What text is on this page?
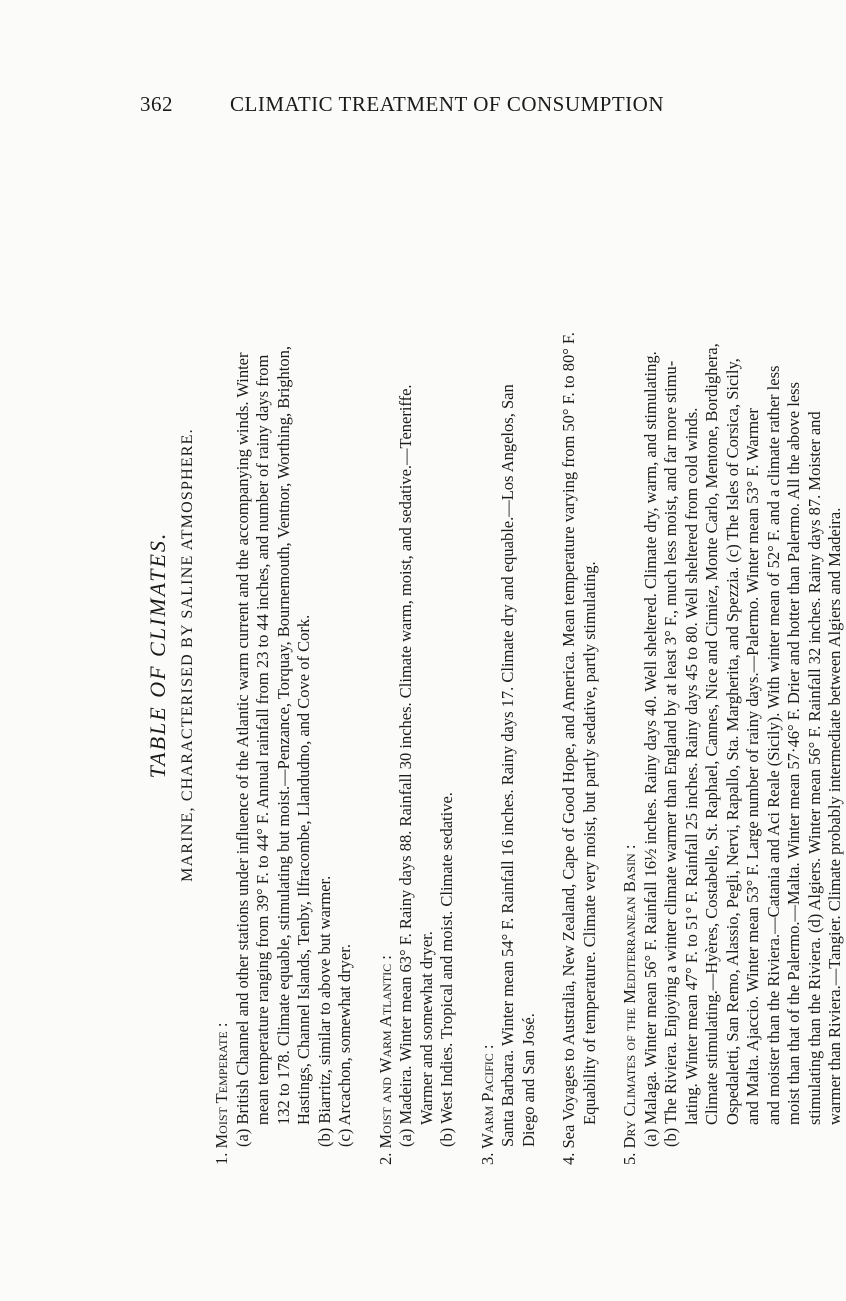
362	CLIMATIC TREATMENT OF CONSUMPTION
TABLE OF CLIMATES. MARINE, CHARACTERISED BY SALINE ATMOSPHERE.
1. Moist Temperate : (a) British Channel and other stations under influence of the Atlantic warm current and the accompanying winds. Winter mean temperature ranging from 39° F. to 44° F. Annual rainfall from 23 to 44 inches, and number of rainy days from 132 to 178. Climate equable, stimulating but moist.—Penzance, Torquay, Bournemouth, Ventnor, Worthing, Brighton, Hastings, Channel Islands, Tenby, Ilfracombe, Llandudno, and Cove of Cork. (b) Biarritz, similar to above but warmer. (c) Arcachon, somewhat dryer. 2. Moist and Warm Atlantic : (a) Madeira. Winter mean 63° F. Rainy days 88. Rainfall 30 inches. Climate warm, moist, and sedative.—Teneriffe. Warmer and somewhat dryer. (b) West Indies. Tropical and moist. Climate sedative. 3. Warm Pacific : Santa Barbara. Winter mean 54° F. Rainfall 16 inches. Rainy days 17. Climate dry and equable.—Los Angelos, San Diego and San José. 4. Sea Voyages to Australia, New Zealand, Cape of Good Hope, and America. Mean temperature varying from 50° F. to 80° F. Equability of temperature. Climate very moist, but partly sedative, partly stimulating. 5. Dry Climates of the Mediterranean Basin : (a) Malaga. Winter mean 56° F. Rainfall 16½ inches. Rainy days 40. Well sheltered. Climate dry, warm, and stimulating. (b) The Riviera. Enjoying a winter climate warmer than England by at least 3° F., much less moist, and far more stimu- lating. Winter mean 47° F. to 51° F. Rainfall 25 inches. Rainy days 45 to 80. Well sheltered from cold winds. Climate stimulating.—Hyères, Costabelle, St. Raphael, Cannes, Nice and Cimiez, Monte Carlo, Mentone, Bordighera, Ospedaletti, San Remo, Alassio, Pegli, Nervi, Rapallo, Sta. Margherita, and Spezzia. (c) The Isles of Corsica, Sicily, and Malta. Ajaccio. Winter mean 53° F. Large number of rainy days.—Palermo. Winter mean 53° F. Warmer and moister than the Riviera.—Catania and Aci Reale (Sicily). With winter mean of 52° F. and a climate rather less moist than that of the Palermo.—Malta. Winter mean 57·46° F. Drier and hotter than Palermo. All the above less stimulating than the Riviera. (d) Algiers. Winter mean 56° F. Rainfall 32 inches. Rainy days 87. Moister and warmer than Riviera.—Tangier. Climate probably intermediate between Algiers and Madeira.
